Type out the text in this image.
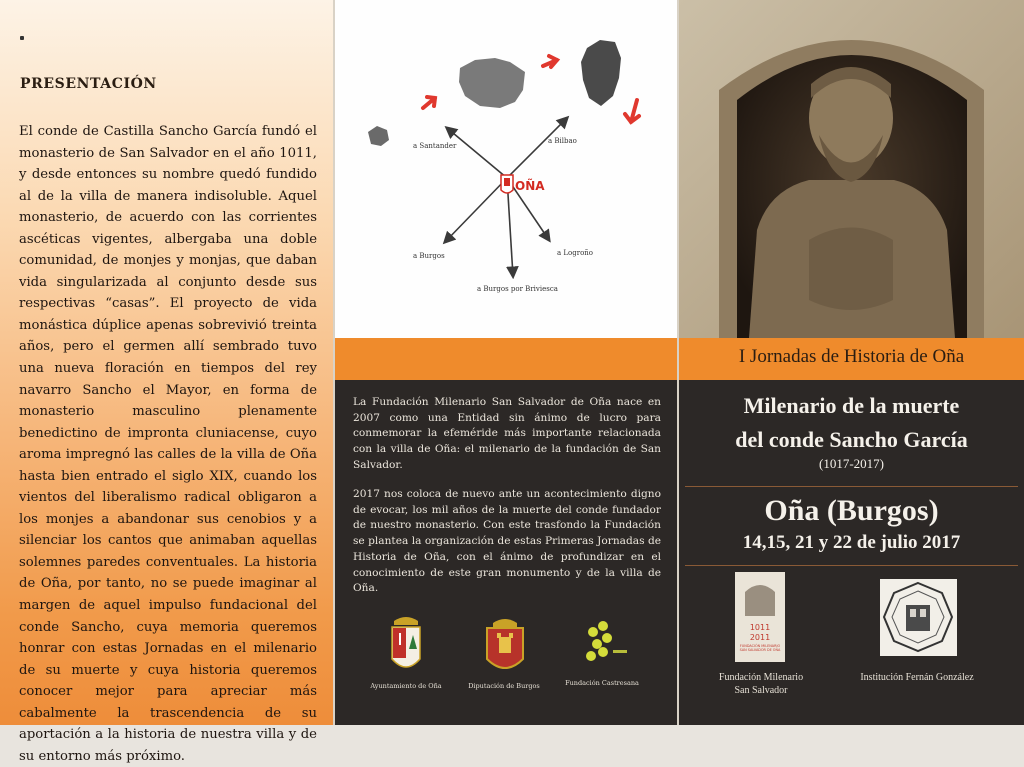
PRESENTACIÓN
El conde de Castilla Sancho García fundó el monasterio de San Salvador en el año 1011, y desde entonces su nombre quedó fundido al de la villa de manera indisoluble. Aquel monasterio, de acuerdo con las corrientes ascéticas vigentes, albergaba una doble comunidad, de monjes y monjas, que daban vida singularizada al conjunto desde sus respectivas “casas”. El proyecto de vida monástica dúplice apenas sobrevivió treinta años, pero el germen allí sembrado tuvo una nueva floración en tiempos del rey navarro Sancho el Mayor, en forma de monasterio masculino plenamente benedictino de impronta cluniacense, cuyo aroma impregnó las calles de la villa de Oña hasta bien entrado el siglo XIX, cuando los vientos del liberalismo radical obligaron a los monjes a abandonar sus cenobios y a silenciar los cantos que animaban aquellas solemnes paredes conventuales. La historia de Oña, por tanto, no se puede imaginar al margen de aquel impulso fundacional del conde Sancho, cuya memoria queremos honrar con estas Jornadas en el milenario de su muerte y cuya historia queremos conocer mejor para apreciar más cabalmente la trascendencia de su aportación a la historia de nuestra villa y de su entorno más próximo.
OÑA
a Santander
a Bilbao
a Burgos	a Logroño
a Burgos por Briviesca
La Fundación Milenario San Salvador de Oña nace en 2007 como una Entidad sin ánimo de lucro para conmemorar la efeméride más importante relacionada con la villa de Oña: el milenario de la fundación de San Salvador.
2017 nos coloca de nuevo ante un acontecimiento digno de evocar, los mil años de la muerte del conde fundador de nuestro monasterio. Con este trasfondo la Fundación se plantea la organización de estas Primeras Jornadas de Historia de Oña, con el ánimo de profundizar en el conocimiento de este gran monumento y de la villa de Oña.
Ayuntamiento de Oña	Diputación de Burgos	Fundación Castresana
I Jornadas de Historia de Oña
Milenario de la muerte
del conde Sancho García
(1017-2017)
Oña (Burgos)
14,15, 21 y 22 de julio 2017
1011
2011
FUNDACIÓN MILENARIO SAN SALVADOR DE OÑA
Fundación Milenario
San Salvador
Institución Fernán González
